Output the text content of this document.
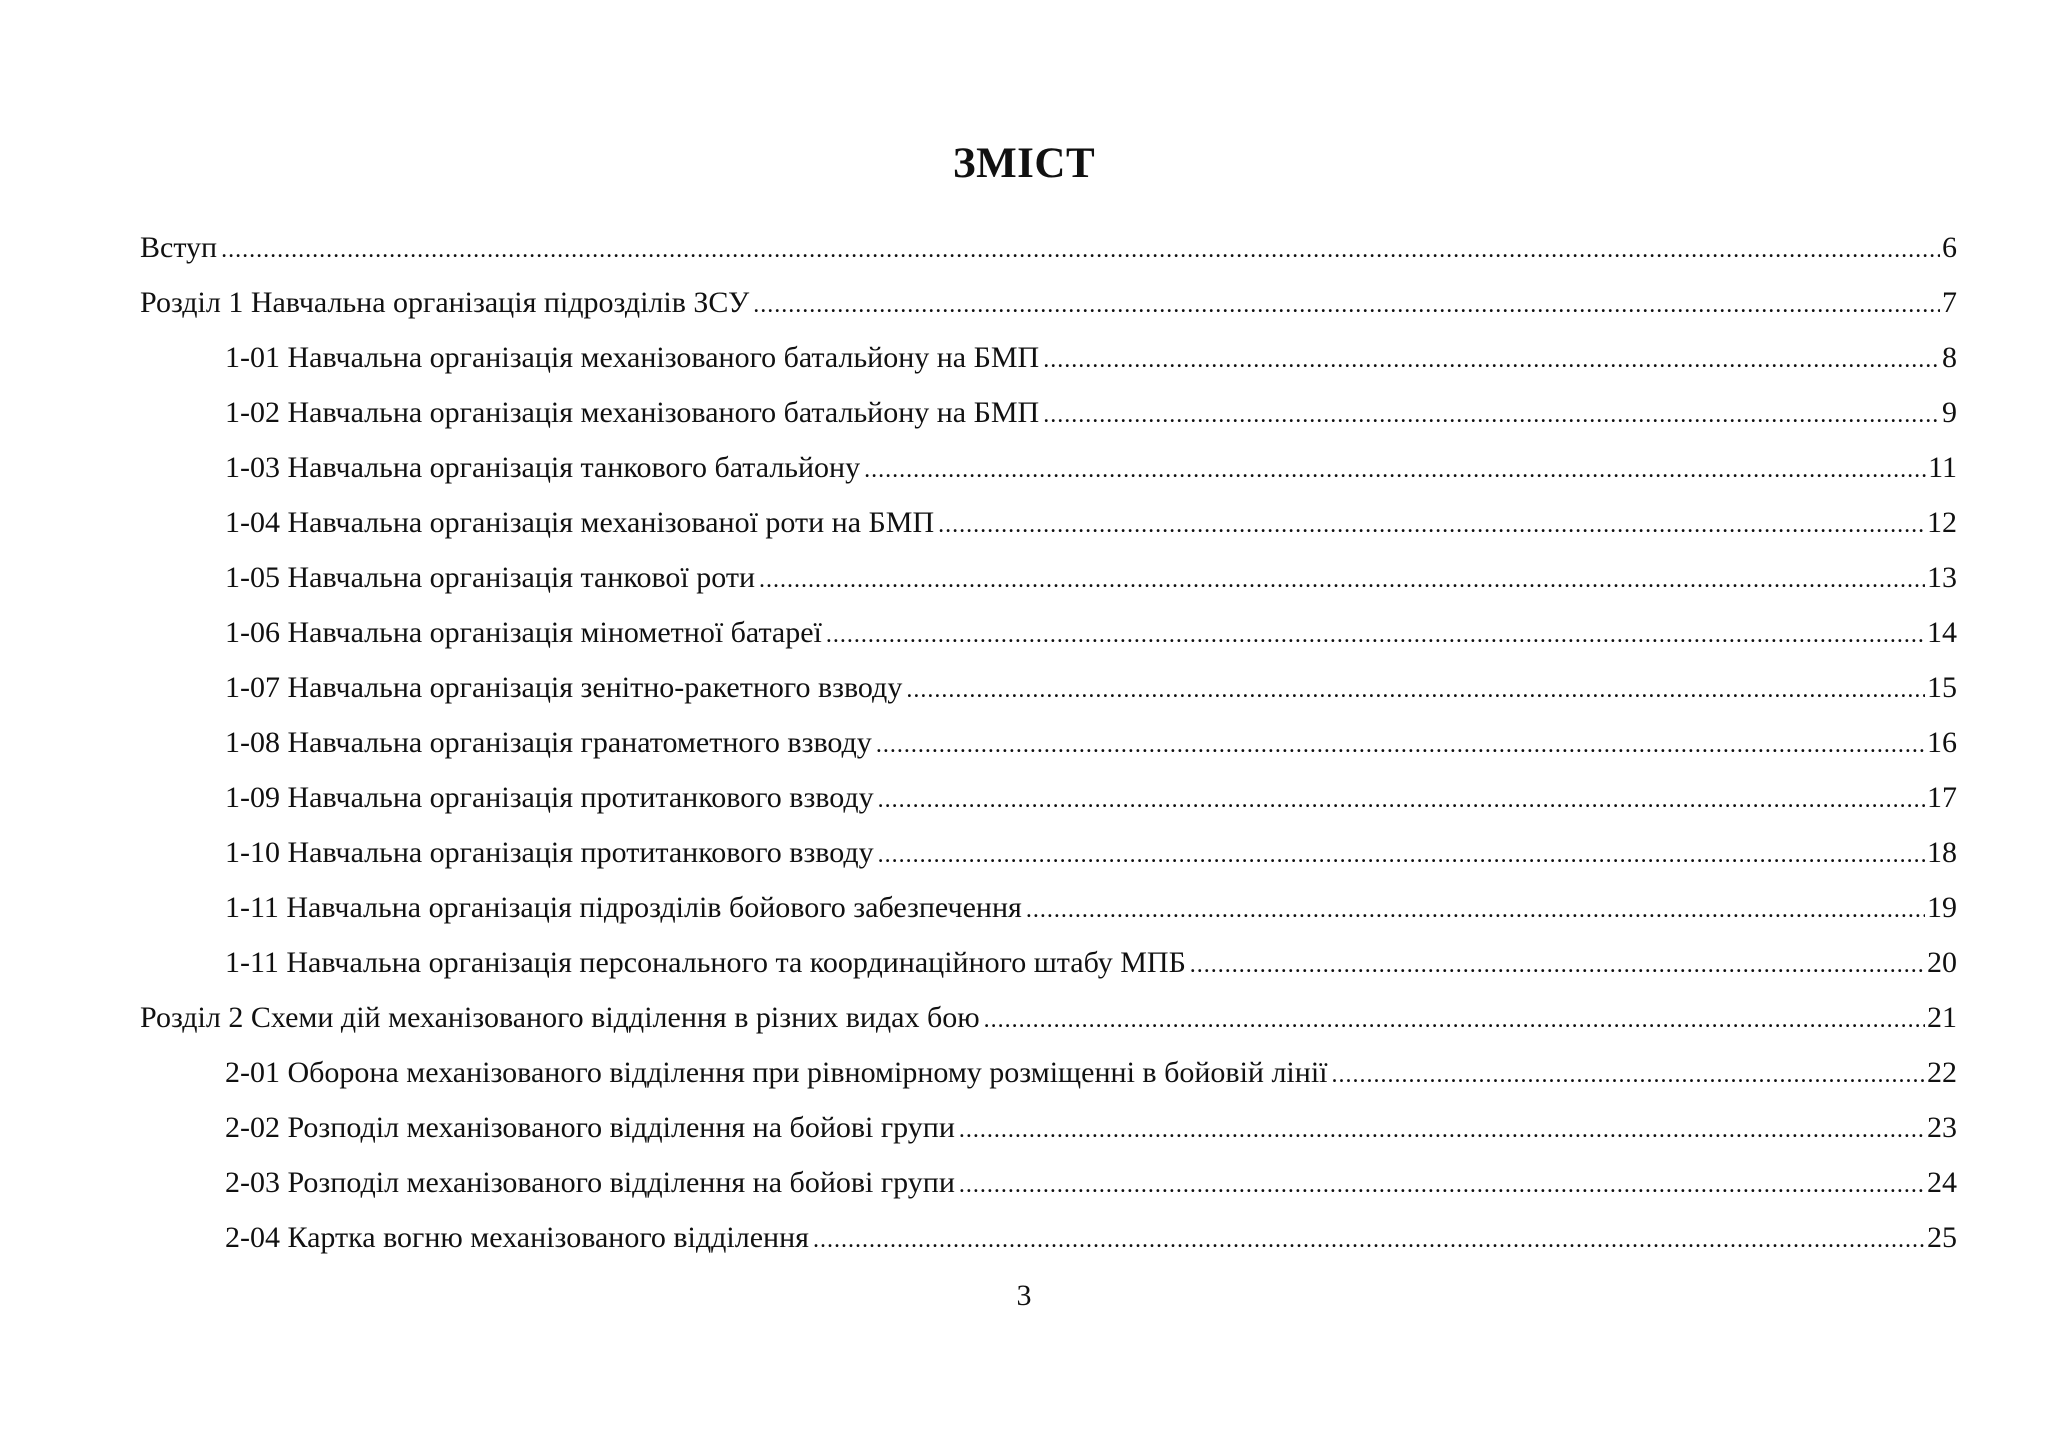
ЗМІСТ
Вступ .....	6
Розділ 1 Навчальна організація підрозділів ЗСУ .....	7
1-01 Навчальна організація механізованого батальйону на БМП .....	8
1-02 Навчальна організація механізованого батальйону на БМП .....	9
1-03 Навчальна організація танкового батальйону .....	11
1-04 Навчальна організація механізованої роти на БМП .....	12
1-05 Навчальна організація танкової роти .....	13
1-06 Навчальна організація мінометної батареї .....	14
1-07 Навчальна організація зенітно-ракетного взводу .....	15
1-08 Навчальна організація гранатометного взводу .....	16
1-09 Навчальна організація протитанкового взводу .....	17
1-10 Навчальна організація протитанкового взводу .....	18
1-11 Навчальна організація підрозділів бойового забезпечення .....	19
1-11 Навчальна організація персонального та координаційного штабу МПБ .....	20
Розділ 2 Схеми дій механізованого відділення в різних видах бою .....	21
2-01 Оборона механізованого відділення при рівномірному розміщенні в бойовій лінії .....	22
2-02 Розподіл механізованого відділення на бойові групи .....	23
2-03 Розподіл механізованого відділення на бойові групи .....	24
2-04 Картка вогню механізованого відділення .....	25
3
